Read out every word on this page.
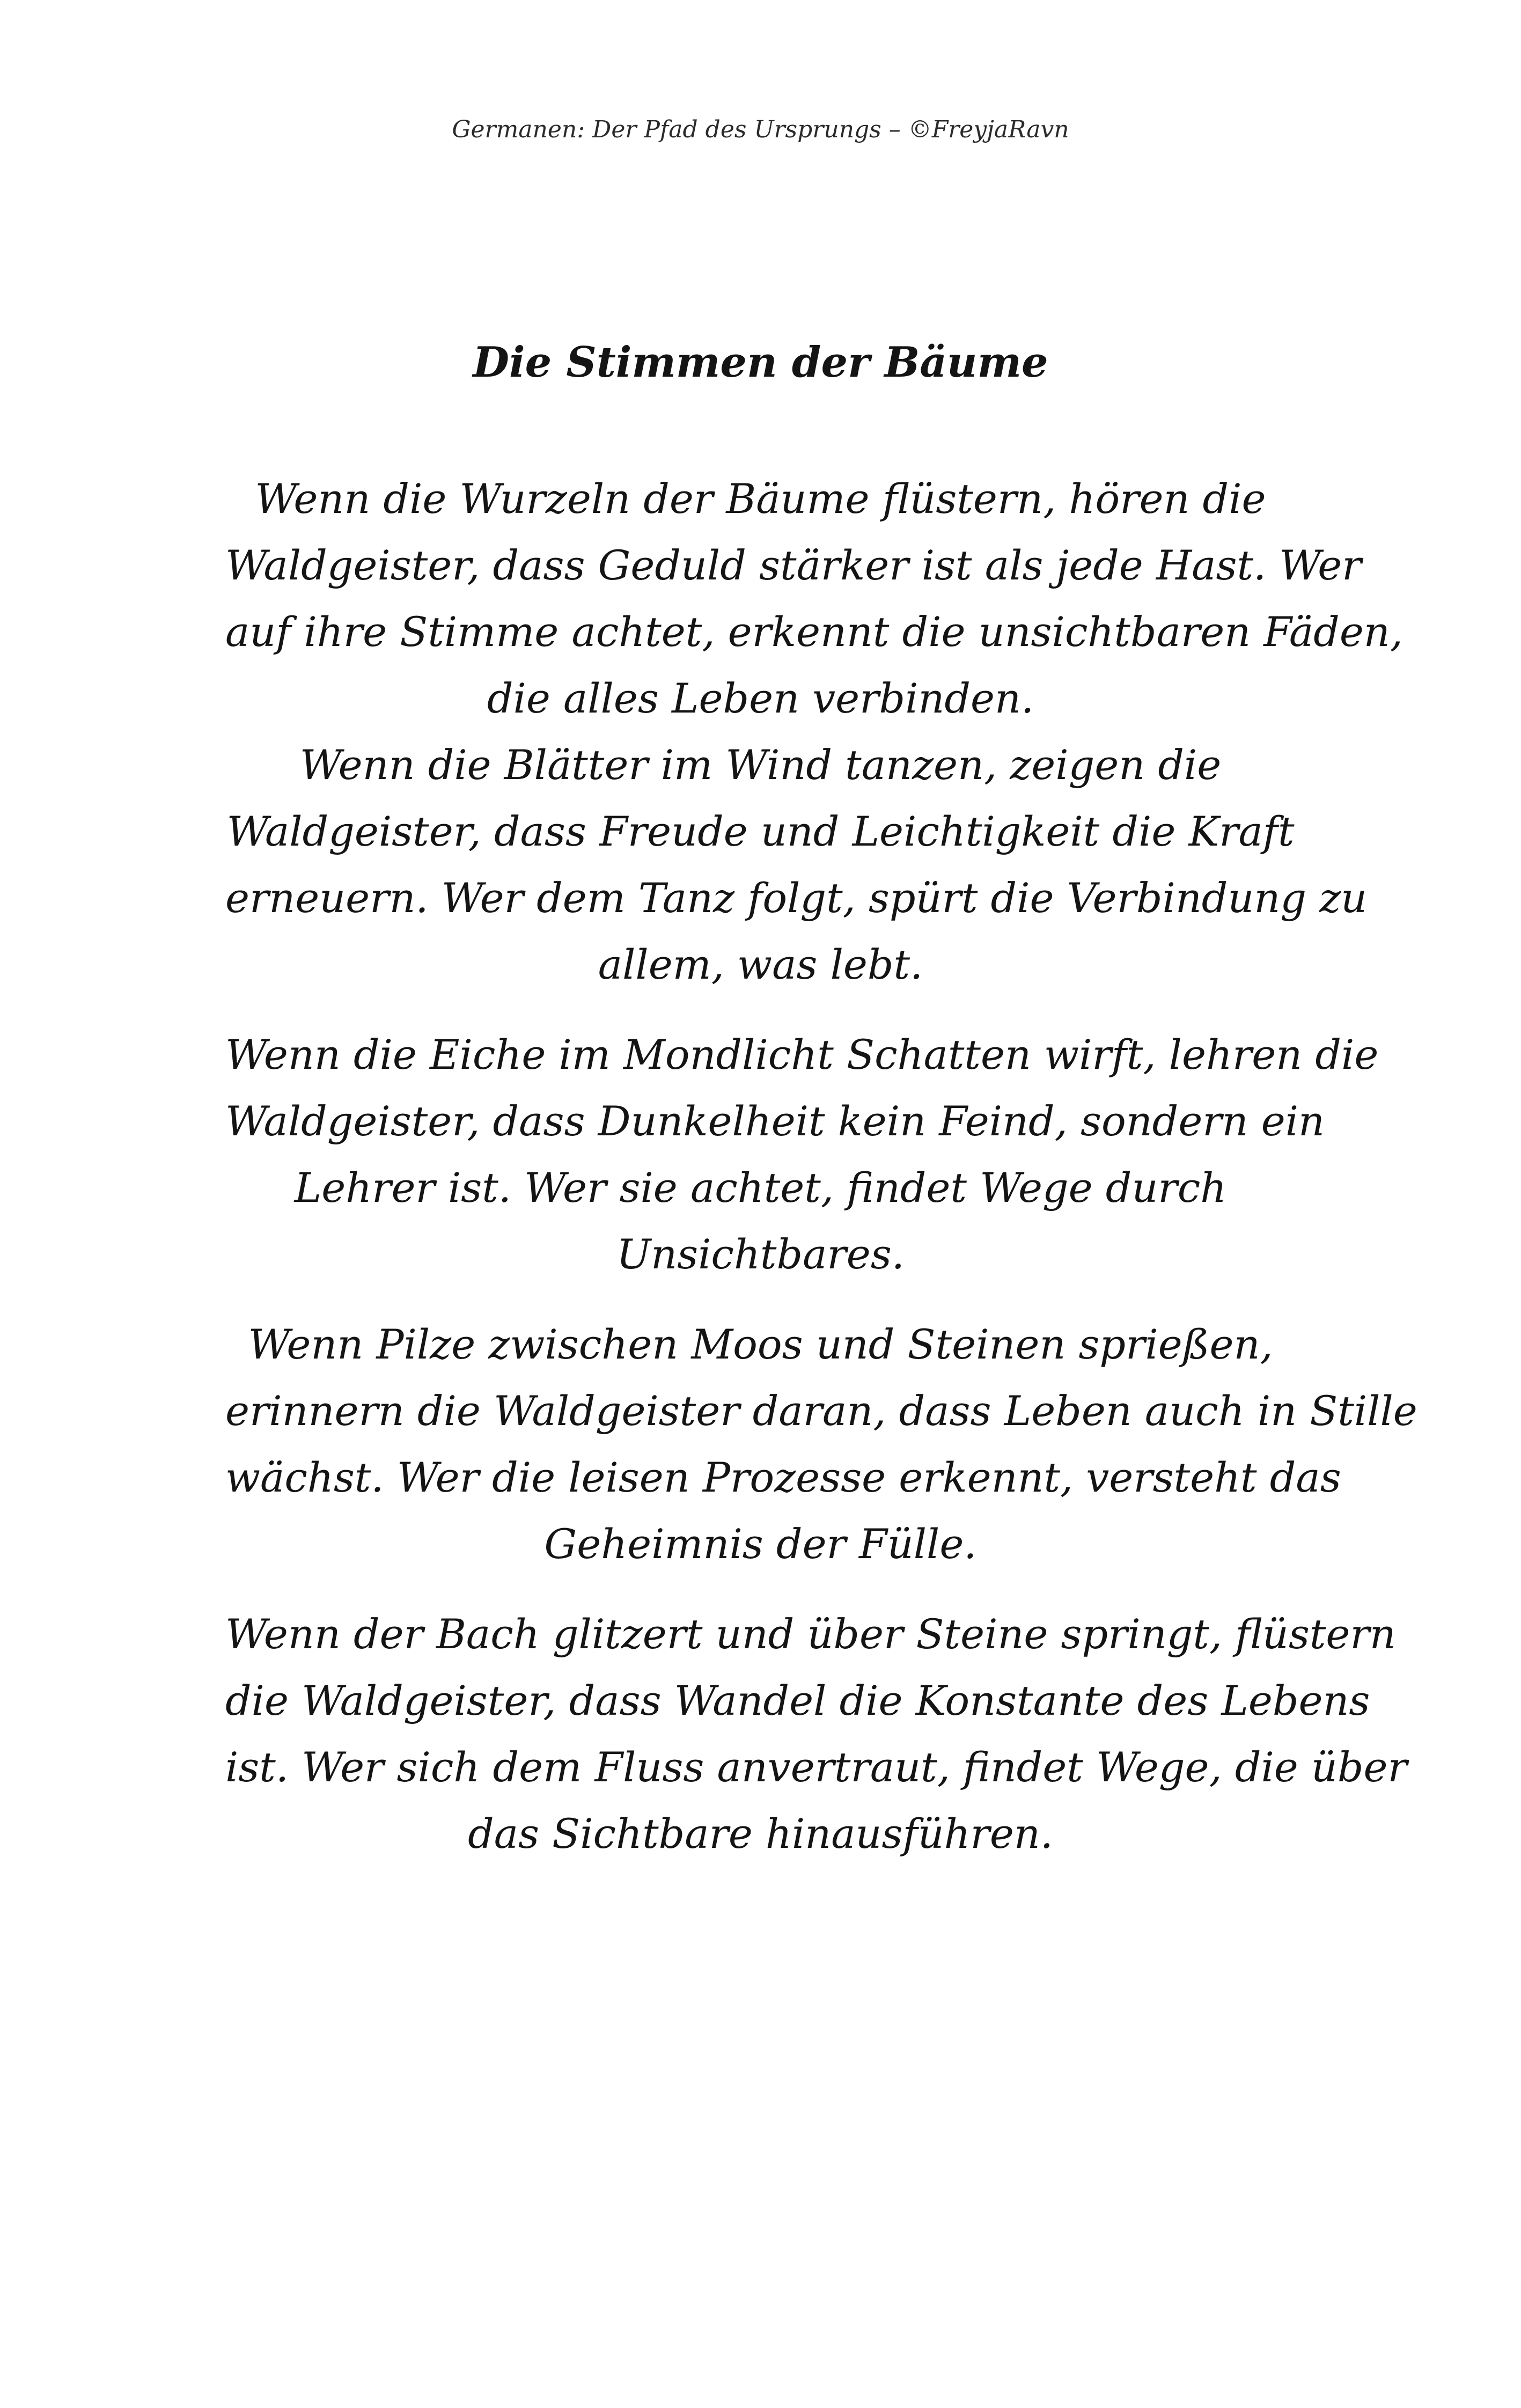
Germanen: Der Pfad des Ursprungs – ©FreyjaRavn
Die Stimmen der Bäume
Wenn die Wurzeln der Bäume flüstern, hören die
Waldgeister, dass Geduld stärker ist als jede Hast. Wer
auf ihre Stimme achtet, erkennt die unsichtbaren Fäden,
die alles Leben verbinden.
Wenn die Blätter im Wind tanzen, zeigen die
Waldgeister, dass Freude und Leichtigkeit die Kraft
erneuern. Wer dem Tanz folgt, spürt die Verbindung zu
allem, was lebt.
Wenn die Eiche im Mondlicht Schatten wirft, lehren die
Waldgeister, dass Dunkelheit kein Feind, sondern ein
Lehrer ist. Wer sie achtet, findet Wege durch
Unsichtbares.
Wenn Pilze zwischen Moos und Steinen sprießen,
erinnern die Waldgeister daran, dass Leben auch in Stille
wächst. Wer die leisen Prozesse erkennt, versteht das
Geheimnis der Fülle.
Wenn der Bach glitzert und über Steine springt, flüstern
die Waldgeister, dass Wandel die Konstante des Lebens
ist. Wer sich dem Fluss anvertraut, findet Wege, die über
das Sichtbare hinausführen.
